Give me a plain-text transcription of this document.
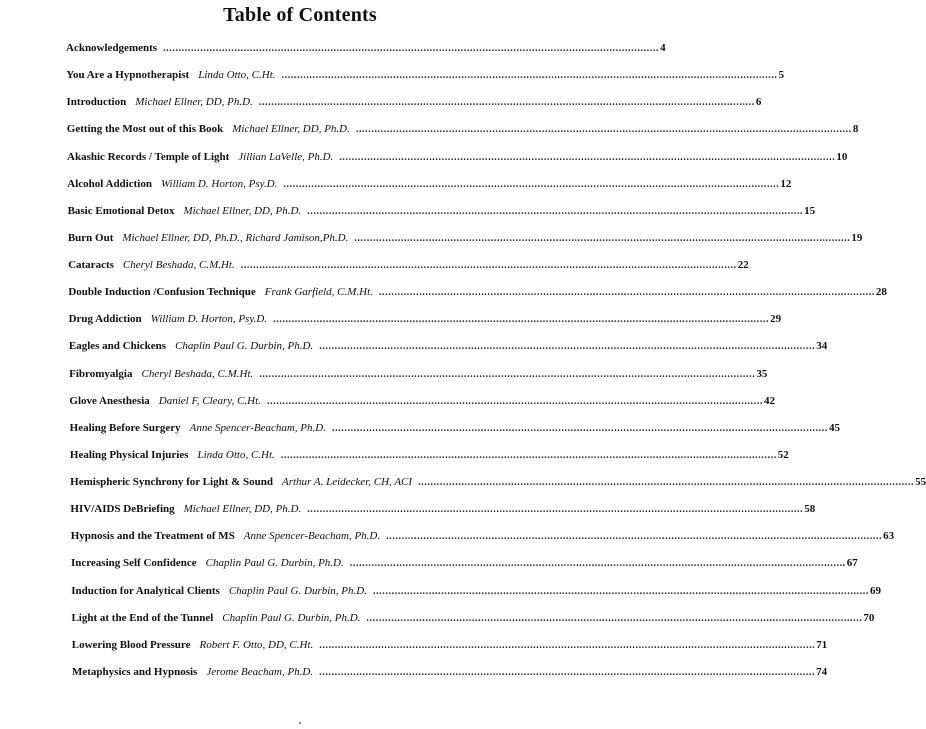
Table of Contents
Acknowledgements ................................................................................................................................................................ 4
You Are a Hypnotherapist Linda Otto, C.Ht. ................................................................................................................................................................ 5
Introduction Michael Ellner, DD, Ph.D. ................................................................................................................................................................ 6
Getting the Most out of this Book Michael Ellner, DD, Ph.D. ................................................................................................................................................................ 8
Akashic Records / Temple of Light Jillian LaVelle, Ph.D. ................................................................................................................................................................ 10
Alcohol Addiction William D. Horton, Psy.D. ................................................................................................................................................................ 12
Basic Emotional Detox Michael Ellner, DD, Ph.D. ................................................................................................................................................................ 15
Burn Out Michael Ellner, DD, Ph.D., Richard Jamison,Ph.D. ................................................................................................................................................................ 19
Cataracts Cheryl Beshada, C.M.Ht. ................................................................................................................................................................ 22
Double Induction /Confusion Technique Frank Garfield, C.M.Ht. ................................................................................................................................................................ 28
Drug Addiction William D. Horton, Psy.D. ................................................................................................................................................................ 29
Eagles and Chickens Chaplin Paul G. Durbin, Ph.D. ................................................................................................................................................................ 34
Fibromyalgia Cheryl Beshada, C.M.Ht. ................................................................................................................................................................ 35
Glove Anesthesia Daniel F, Cleary, C.Ht. ................................................................................................................................................................ 42
Healing Before Surgery Anne Spencer-Beacham, Ph.D. ................................................................................................................................................................ 45
Healing Physical Injuries Linda Otto, C.Ht. ................................................................................................................................................................ 52
Hemispheric Synchrony for Light & Sound Arthur A. Leidecker, CH, ACI ................................................................................................................................................................ 55
HIV/AIDS DeBriefing Michael Ellner, DD, Ph.D. ................................................................................................................................................................ 58
Hypnosis and the Treatment of MS Anne Spencer-Beacham, Ph.D. ................................................................................................................................................................ 63
Increasing Self Confidence Chaplin Paul G. Durbin, Ph.D. ................................................................................................................................................................ 67
Induction for Analytical Clients Chaplin Paul G. Durbin, Ph.D. ................................................................................................................................................................ 69
Light at the End of the Tunnel Chaplin Paul G. Durbin, Ph.D. ................................................................................................................................................................ 70
Lowering Blood Pressure Robert F. Otto, DD, C.Ht. ................................................................................................................................................................ 71
Metaphysics and Hypnosis Jerome Beacham, Ph.D. ................................................................................................................................................................ 74
